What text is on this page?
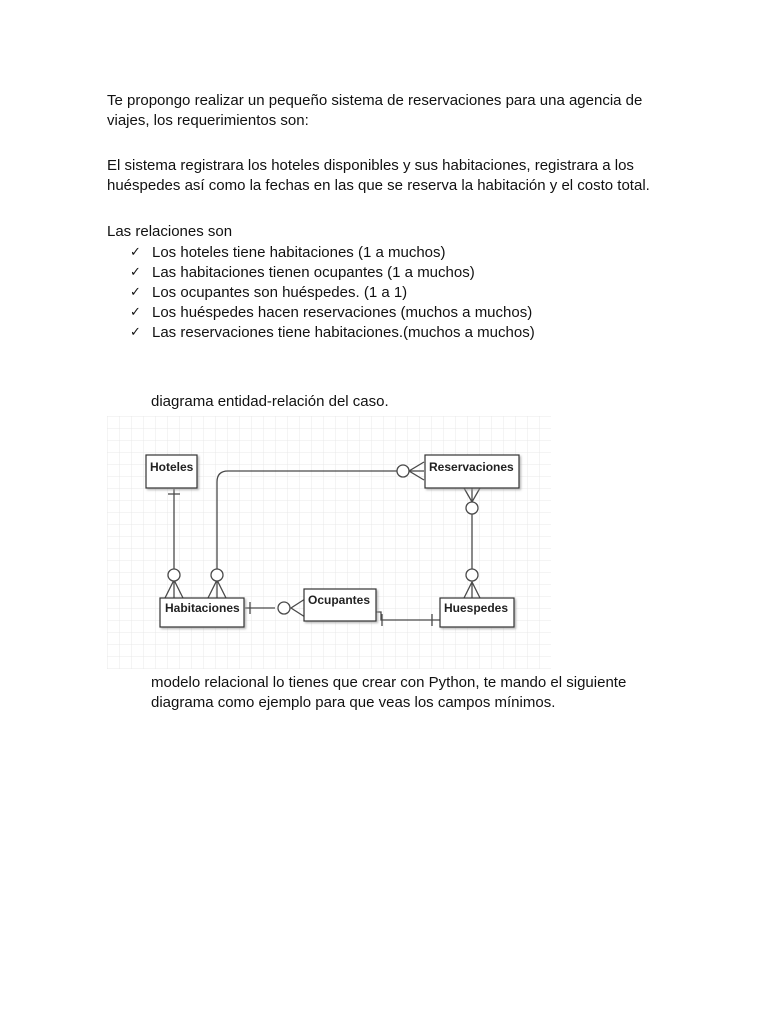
Te propongo realizar un pequeño sistema de reservaciones para una agencia de
viajes, los requerimientos son:

El sistema registrara los hoteles disponibles y sus habitaciones, registrara a los
huéspedes así como la fechas en las que se reserva la habitación y el costo total.

Las relaciones son

✓ Los hoteles tiene habitaciones (1 a muchos)
✓ Las habitaciones tienen ocupantes (1 a muchos)
✓ Los ocupantes son huéspedes. (1 a 1)
✓ Los huéspedes hacen reservaciones (muchos a muchos)
✓ Las reservaciones tiene habitaciones.(muchos a muchos)

diagrama entidad-relación del caso.

Hoteles	Reservaciones
Habitaciones
Ocupantes
Huespedes

modelo relacional lo tienes que crear con Python, te mando el siguiente
diagrama como ejemplo para que veas los campos mínimos.
